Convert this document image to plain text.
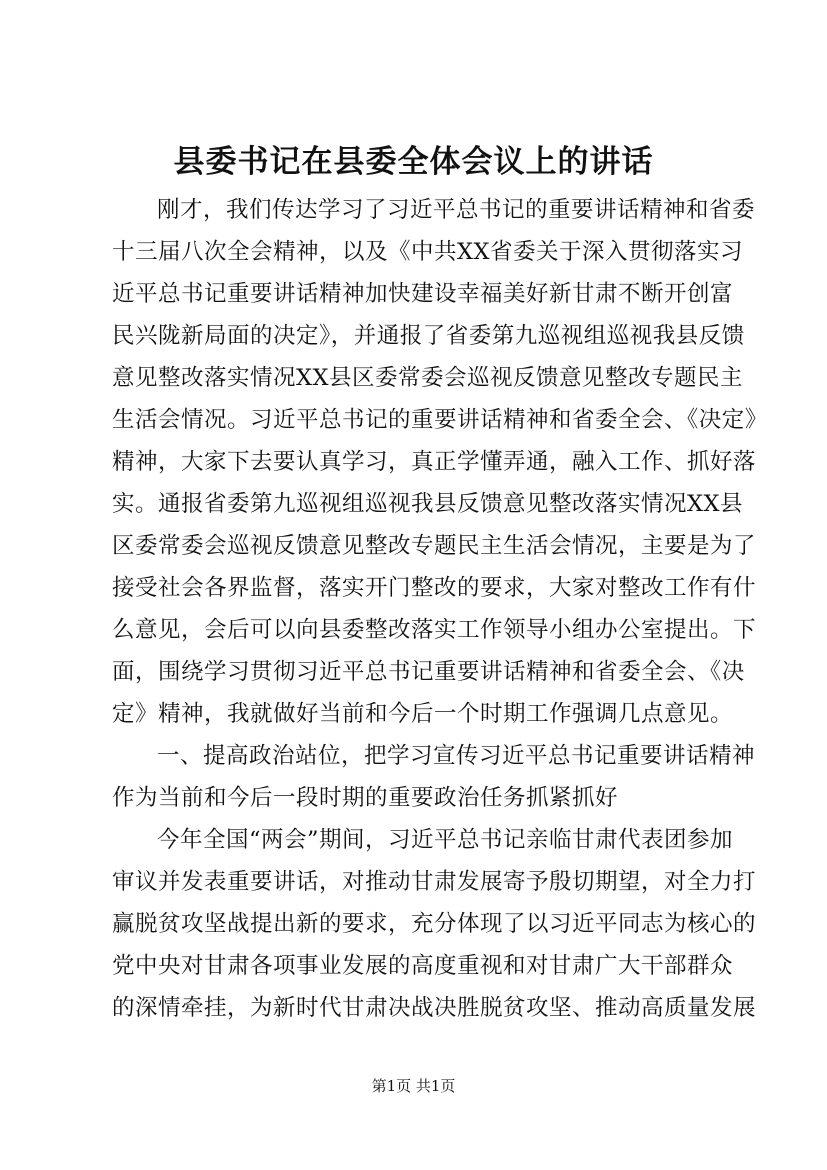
县委书记在县委全体会议上的讲话
刚才，我们传达学习了习近平总书记的重要讲话精神和省委
十三届八次全会精神，以及《中共XX省委关于深入贯彻落实习
近平总书记重要讲话精神加快建设幸福美好新甘肃不断开创富
民兴陇新局面的决定》，并通报了省委第九巡视组巡视我县反馈
意见整改落实情况XX县区委常委会巡视反馈意见整改专题民主
生活会情况。习近平总书记的重要讲话精神和省委全会、《决定》
精神，大家下去要认真学习，真正学懂弄通，融入工作、抓好落
实。通报省委第九巡视组巡视我县反馈意见整改落实情况XX县
区委常委会巡视反馈意见整改专题民主生活会情况，主要是为了
接受社会各界监督，落实开门整改的要求，大家对整改工作有什
么意见，会后可以向县委整改落实工作领导小组办公室提出。下
面，围绕学习贯彻习近平总书记重要讲话精神和省委全会、《决
定》精神，我就做好当前和今后一个时期工作强调几点意见。
一、提高政治站位，把学习宣传习近平总书记重要讲话精神
作为当前和今后一段时期的重要政治任务抓紧抓好
今年全国“两会”期间，习近平总书记亲临甘肃代表团参加
审议并发表重要讲话，对推动甘肃发展寄予殷切期望，对全力打
赢脱贫攻坚战提出新的要求，充分体现了以习近平同志为核心的
党中央对甘肃各项事业发展的高度重视和对甘肃广大干部群众
的深情牵挂，为新时代甘肃决战决胜脱贫攻坚、推动高质量发展
第1页 共1页
